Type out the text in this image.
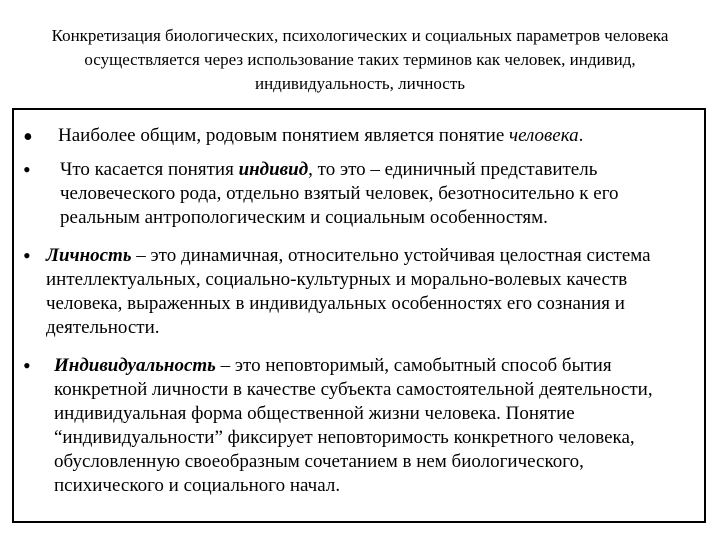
Конкретизация биологических, психологических и социальных параметров человека осуществляется через использование таких терминов как человек, индивид, индивидуальность, личность
• Наиболее общим, родовым понятием является понятие человека.
• Что касается понятия индивид, то это – единичный представитель человеческого рода, отдельно взятый человек, безотносительно к его реальным антропологическим и социальным особенностям.
• Личность – это динамичная, относительно устойчивая целостная система интеллектуальных, социально-культурных и морально-волевых качеств человека, выраженных в индивидуальных особенностях его сознания и деятельности.
• Индивидуальность – это неповторимый, самобытный способ бытия конкретной личности в качестве субъекта самостоятельной деятельности, индивидуальная форма общественной жизни человека. Понятие “индивидуальности” фиксирует неповторимость конкретного человека, обусловленную своеобразным сочетанием в нем биологического, психического и социального начал.
